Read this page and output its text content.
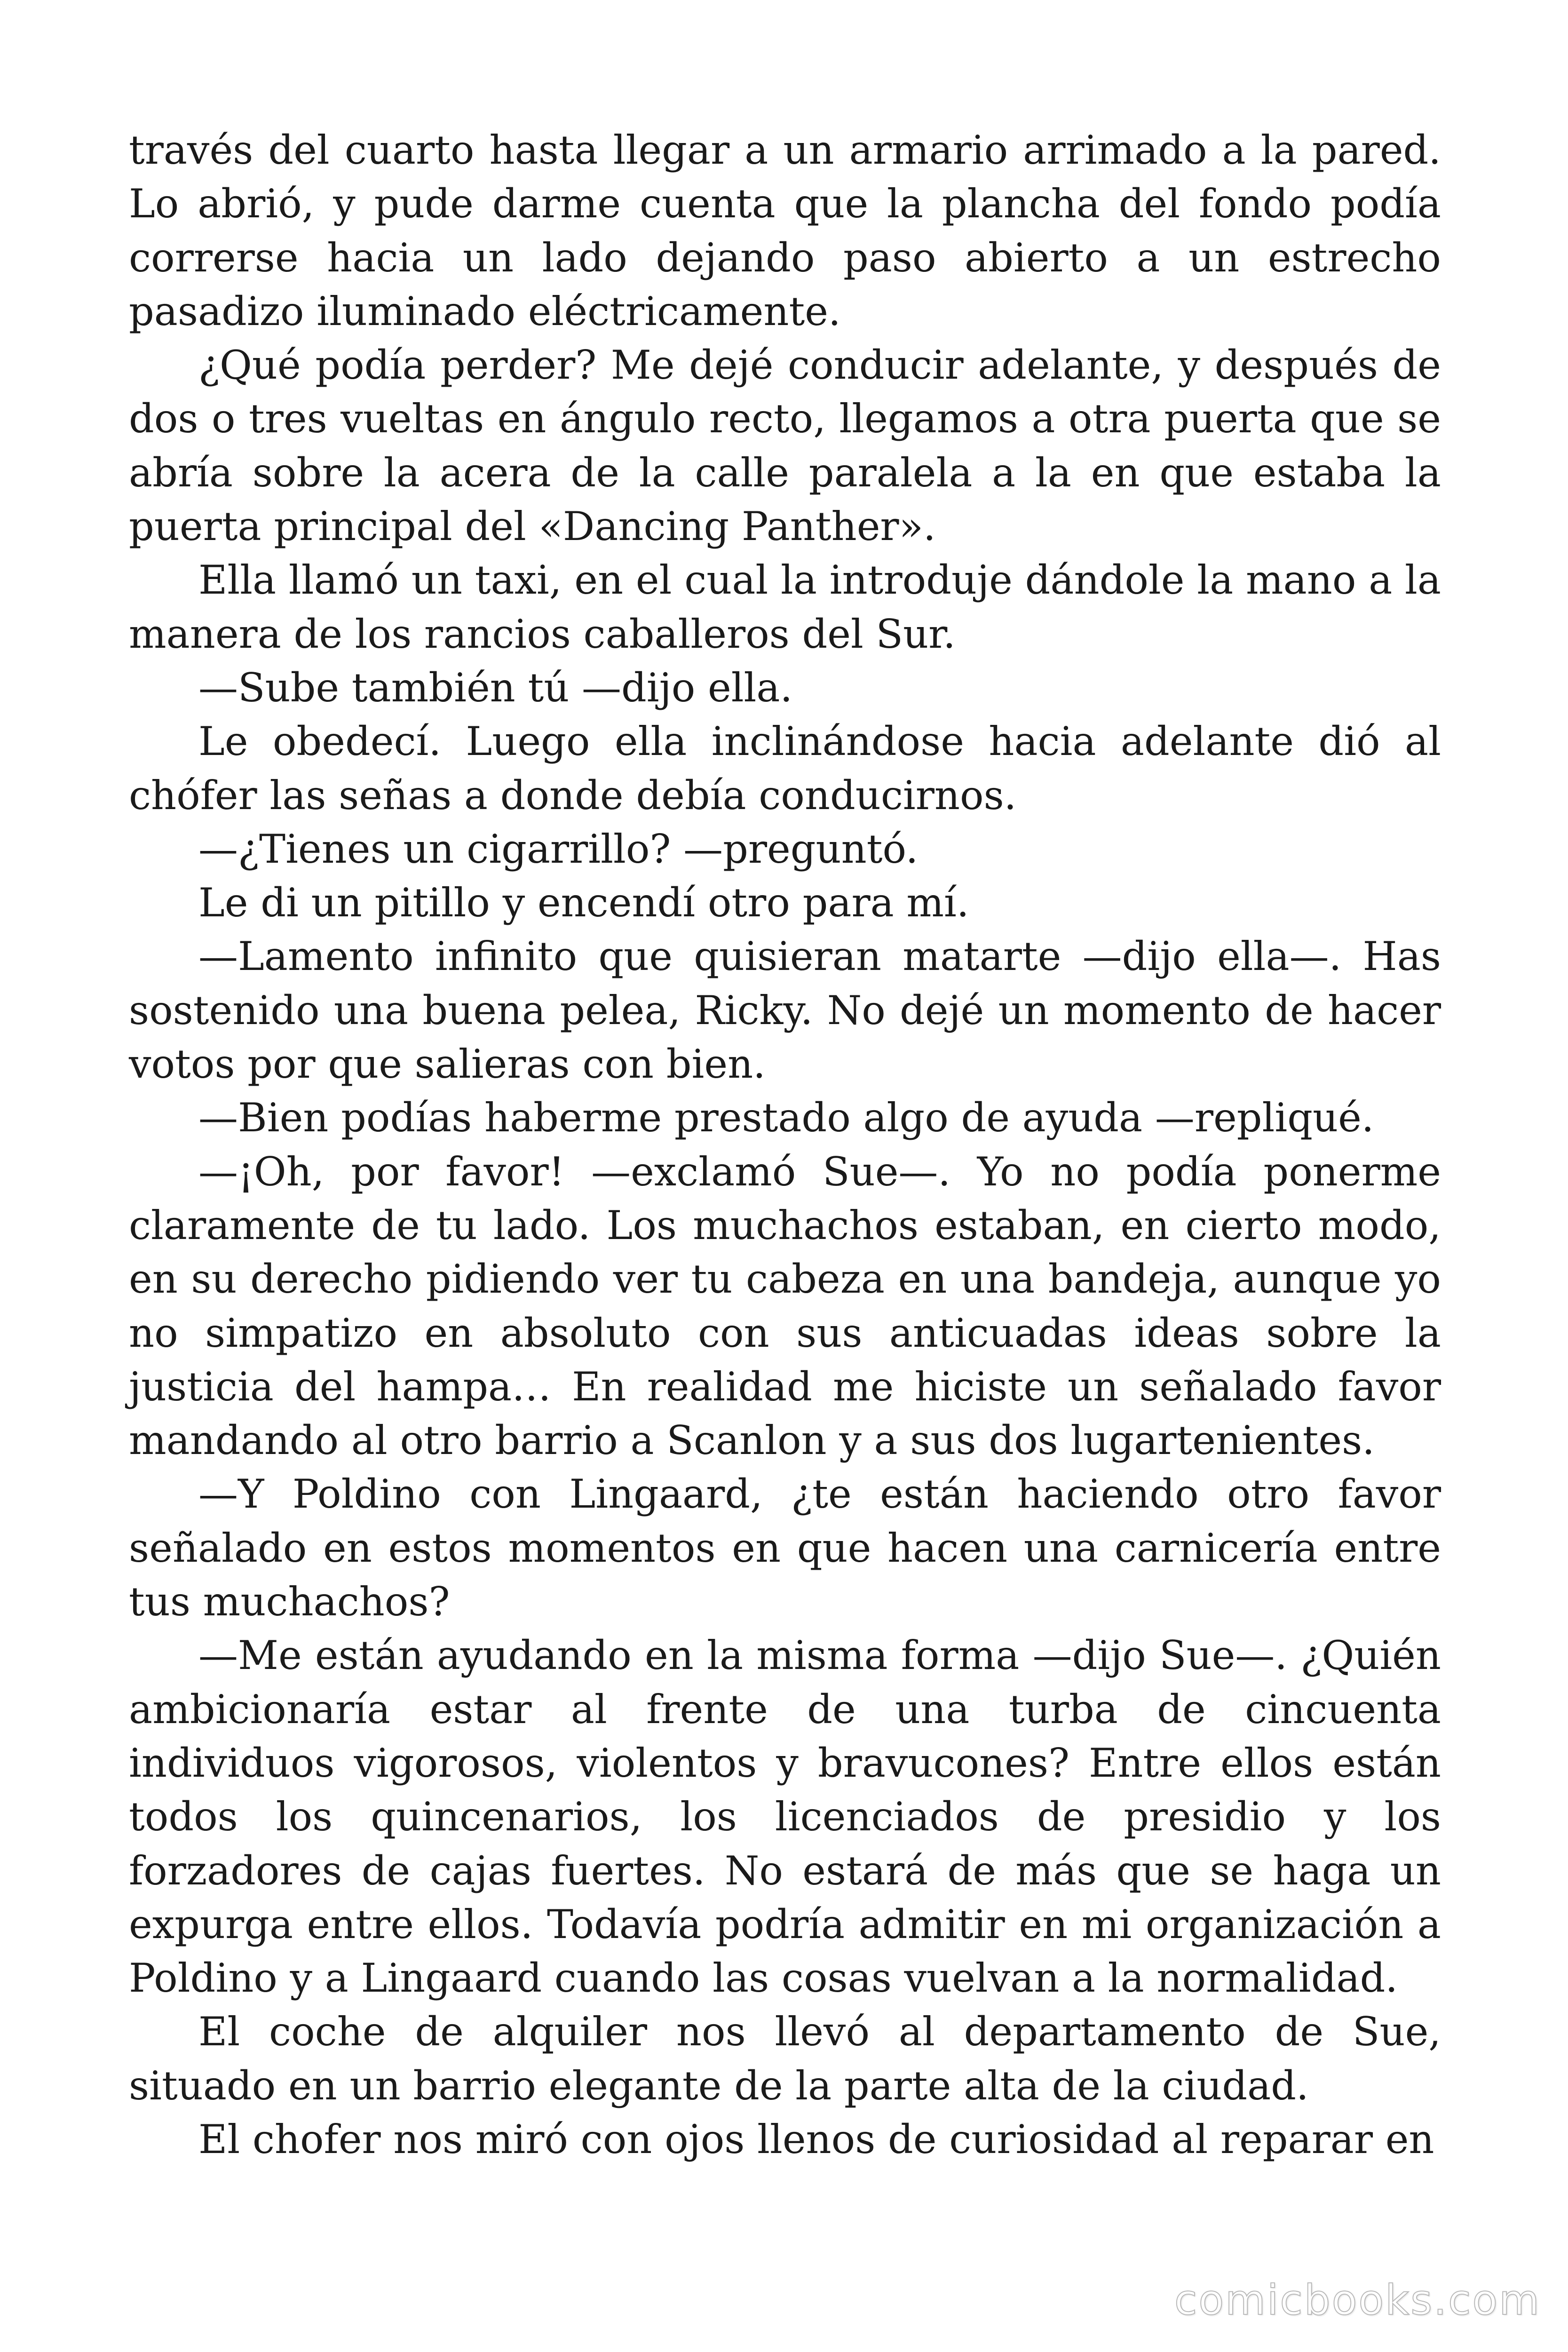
través del cuarto hasta llegar a un armario arrimado a la pared. Lo abrió, y pude darme cuenta que la plancha del fondo podía correrse hacia un lado dejando paso abierto a un estrecho pasadizo iluminado eléctricamente.

¿Qué podía perder? Me dejé conducir adelante, y después de dos o tres vueltas en ángulo recto, llegamos a otra puerta que se abría sobre la acera de la calle paralela a la en que estaba la puerta principal del «Dancing Panther».

Ella llamó un taxi, en el cual la introduje dándole la mano a la manera de los rancios caballeros del Sur.

—Sube también tú —dijo ella.

Le obedecí. Luego ella inclinándose hacia adelante dió al chófer las señas a donde debía conducirnos.

—¿Tienes un cigarrillo? —preguntó.

Le di un pitillo y encendí otro para mí.

—Lamento infinito que quisieran matarte —dijo ella—. Has sostenido una buena pelea, Ricky. No dejé un momento de hacer votos por que salieras con bien.

—Bien podías haberme prestado algo de ayuda —repliqué.

—¡Oh, por favor! —exclamó Sue—. Yo no podía ponerme claramente de tu lado. Los muchachos estaban, en cierto modo, en su derecho pidiendo ver tu cabeza en una bandeja, aunque yo no simpatizo en absoluto con sus anticuadas ideas sobre la justicia del hampa… En realidad me hiciste un señalado favor mandando al otro barrio a Scanlon y a sus dos lugartenientes.

—Y Poldino con Lingaard, ¿te están haciendo otro favor señalado en estos momentos en que hacen una carnicería entre tus muchachos?

—Me están ayudando en la misma forma —dijo Sue—. ¿Quién ambicionaría estar al frente de una turba de cincuenta individuos vigorosos, violentos y bravucones? Entre ellos están todos los quincenarios, los licenciados de presidio y los forzadores de cajas fuertes. No estará de más que se haga un expurga entre ellos. Todavía podría admitir en mi organización a Poldino y a Lingaard cuando las cosas vuelvan a la normalidad.

El coche de alquiler nos llevó al departamento de Sue, situado en un barrio elegante de la parte alta de la ciudad.

El chofer nos miró con ojos llenos de curiosidad al reparar en

comicbooks.com
